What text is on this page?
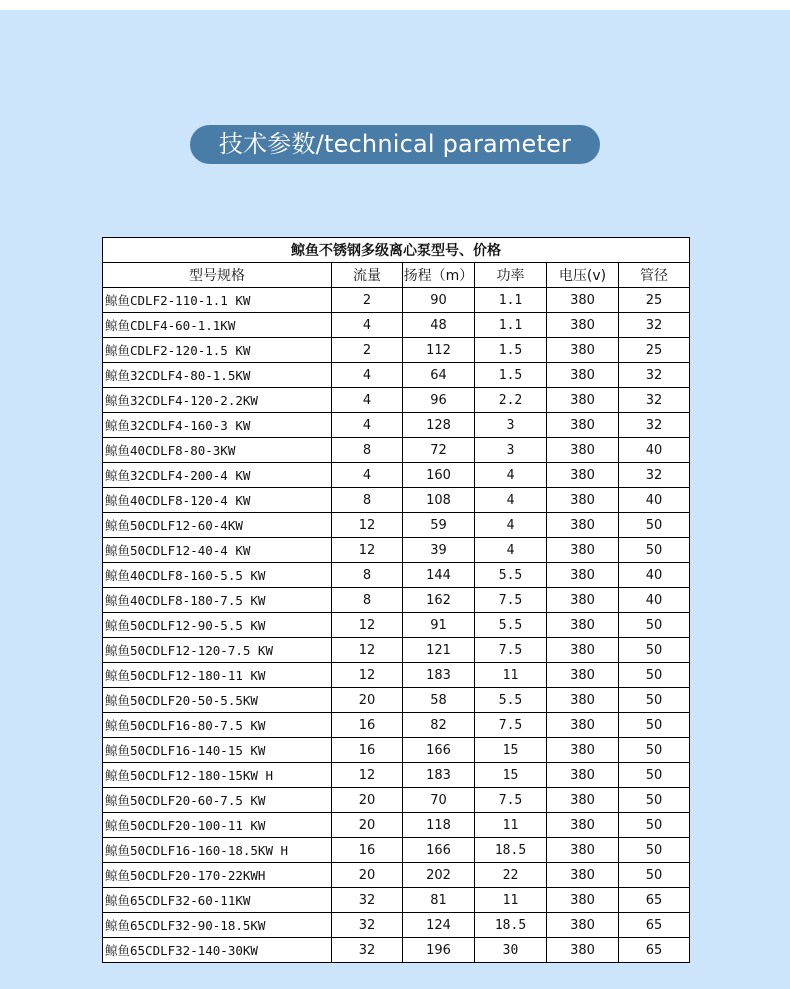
技术参数/technical parameter
鲸鱼不锈钢多级离心泵型号、价格					
型号规格	流量	扬程（m）	功率	电压(v)	管径
鲸鱼CDLF2-110-1.1 KW	2	90	1.1	380	25
鲸鱼CDLF4-60-1.1KW	4	48	1.1	380	32
鲸鱼CDLF2-120-1.5 KW	2	112	1.5	380	25
鲸鱼32CDLF4-80-1.5KW	4	64	1.5	380	32
鲸鱼32CDLF4-120-2.2KW	4	96	2.2	380	32
鲸鱼32CDLF4-160-3 KW	4	128	3	380	32
鲸鱼40CDLF8-80-3KW	8	72	3	380	40
鲸鱼32CDLF4-200-4 KW	4	160	4	380	32
鲸鱼40CDLF8-120-4 KW	8	108	4	380	40
鲸鱼50CDLF12-60-4KW	12	59	4	380	50
鲸鱼50CDLF12-40-4 KW	12	39	4	380	50
鲸鱼40CDLF8-160-5.5 KW	8	144	5.5	380	40
鲸鱼40CDLF8-180-7.5 KW	8	162	7.5	380	40
鲸鱼50CDLF12-90-5.5 KW	12	91	5.5	380	50
鲸鱼50CDLF12-120-7.5 KW	12	121	7.5	380	50
鲸鱼50CDLF12-180-11 KW	12	183	11	380	50
鲸鱼50CDLF20-50-5.5KW	20	58	5.5	380	50
鲸鱼50CDLF16-80-7.5 KW	16	82	7.5	380	50
鲸鱼50CDLF16-140-15 KW	16	166	15	380	50
鲸鱼50CDLF12-180-15KW H	12	183	15	380	50
鲸鱼50CDLF20-60-7.5 KW	20	70	7.5	380	50
鲸鱼50CDLF20-100-11 KW	20	118	11	380	50
鲸鱼50CDLF16-160-18.5KW H	16	166	18.5	380	50
鲸鱼50CDLF20-170-22KWH	20	202	22	380	50
鲸鱼65CDLF32-60-11KW	32	81	11	380	65
鲸鱼65CDLF32-90-18.5KW	32	124	18.5	380	65
鲸鱼65CDLF32-140-30KW	32	196	30	380	65
